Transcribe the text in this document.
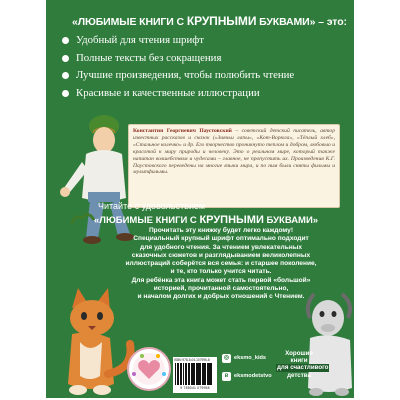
«ЛЮБИМЫЕ КНИГИ С КРУПНЫМИ БУКВАМИ» – это:
Удобный для чтения шрифт
Полные тексты без сокращения
Лучшие произведения, чтобы полюбить чтение
Красивые и качественные иллюстрации
Константин Георгиевич Паустовский – советский детский писатель, автор известных рассказов и сказок («Заячьи лапы», «Кот-Ворюга», «Тёплый хлеб», «Стальное колечко» и др. Его творчество проникнуто теплом и добром, любовью и красотой к миру природы и человеку. Это о реальном мире, который также напитан волшебством и чудесами – главное, не пропустить их. Произведения К.Г. Паустовского переведены на многие языки мира, и по ним были сняты фильмы и мультфильмы.
Читайте с удовольствием
«ЛЮБИМЫЕ КНИГИ С КРУПНЫМИ БУКВАМИ»

Прочитать эту книжку будет легко каждому!

Специальный крупный шрифт оптимально подходит

для удобного чтения. За чтением увлекательных

сказочных сюжетов и разглядыванием великолепных

иллюстраций соберётся вся семья: и старшее поколение,

и те, кто только учится читать.

Для ребёнка эта книга может стать первой «большой»

историей, прочитанной самостоятельно,

и началом долгих и добрых отношений с Чтением.

ISBN 978-5-04-107995-8
9 785041 079958
◎ eksmo_kids
в	eksmodetstvo

Хорошие

книги

для счастливого

детства
